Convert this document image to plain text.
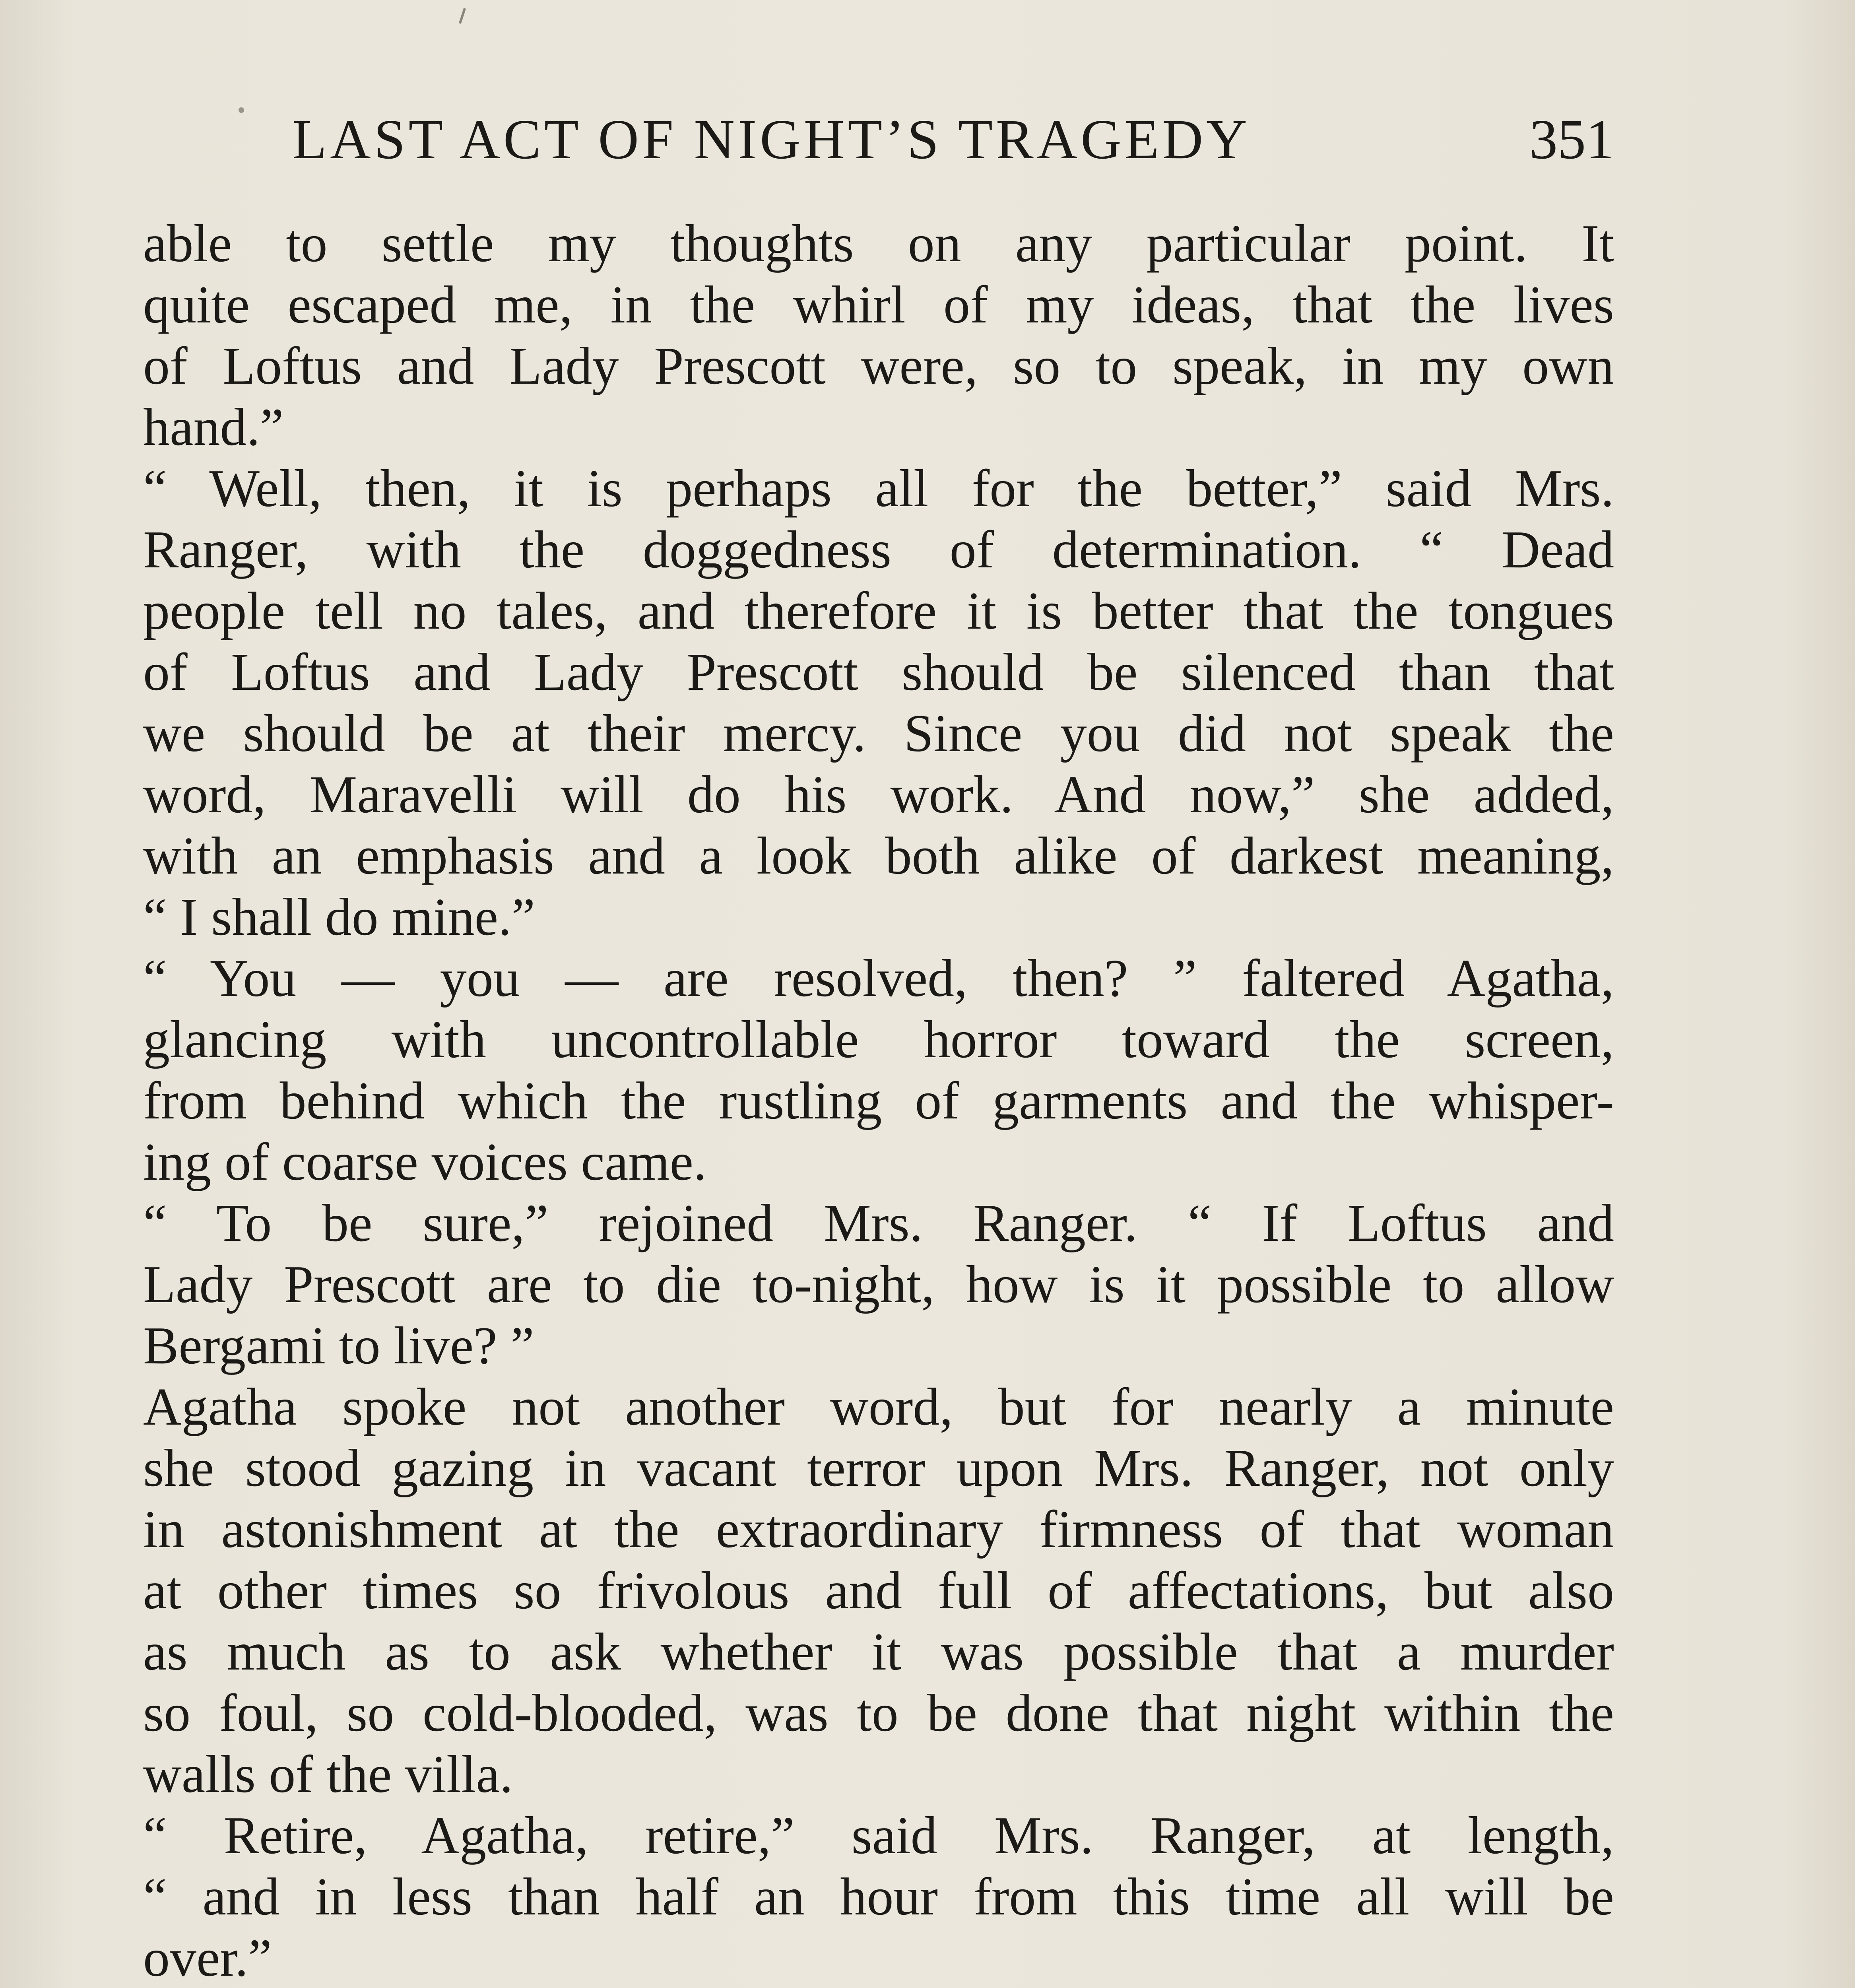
LAST ACT OF NIGHT’S TRAGEDY	351
able to settle my thoughts on any particular point. It
quite escaped me, in the whirl of my ideas, that the lives
of Loftus and Lady Prescott were, so to speak, in my own
hand.”
“ Well, then, it is perhaps all for the better,” said Mrs.
Ranger, with the doggedness of determination. “ Dead
people tell no tales, and therefore it is better that the tongues
of Loftus and Lady Prescott should be silenced than that
we should be at their mercy. Since you did not speak the
word, Maravelli will do his work. And now,” she added,
with an emphasis and a look both alike of darkest meaning,
“ I shall do mine.”
“ You — you — are resolved, then? ” faltered Agatha,
glancing with uncontrollable horror toward the screen,
from behind which the rustling of garments and the whisper-
ing of coarse voices came.
“ To be sure,” rejoined Mrs. Ranger. “ If Loftus and
Lady Prescott are to die to-night, how is it possible to allow
Bergami to live? ”
Agatha spoke not another word, but for nearly a minute
she stood gazing in vacant terror upon Mrs. Ranger, not only
in astonishment at the extraordinary firmness of that woman
at other times so frivolous and full of affectations, but also
as much as to ask whether it was possible that a murder
so foul, so cold-blooded, was to be done that night within the
walls of the villa.
“ Retire, Agatha, retire,” said Mrs. Ranger, at length,
“ and in less than half an hour from this time all will be
over.”
